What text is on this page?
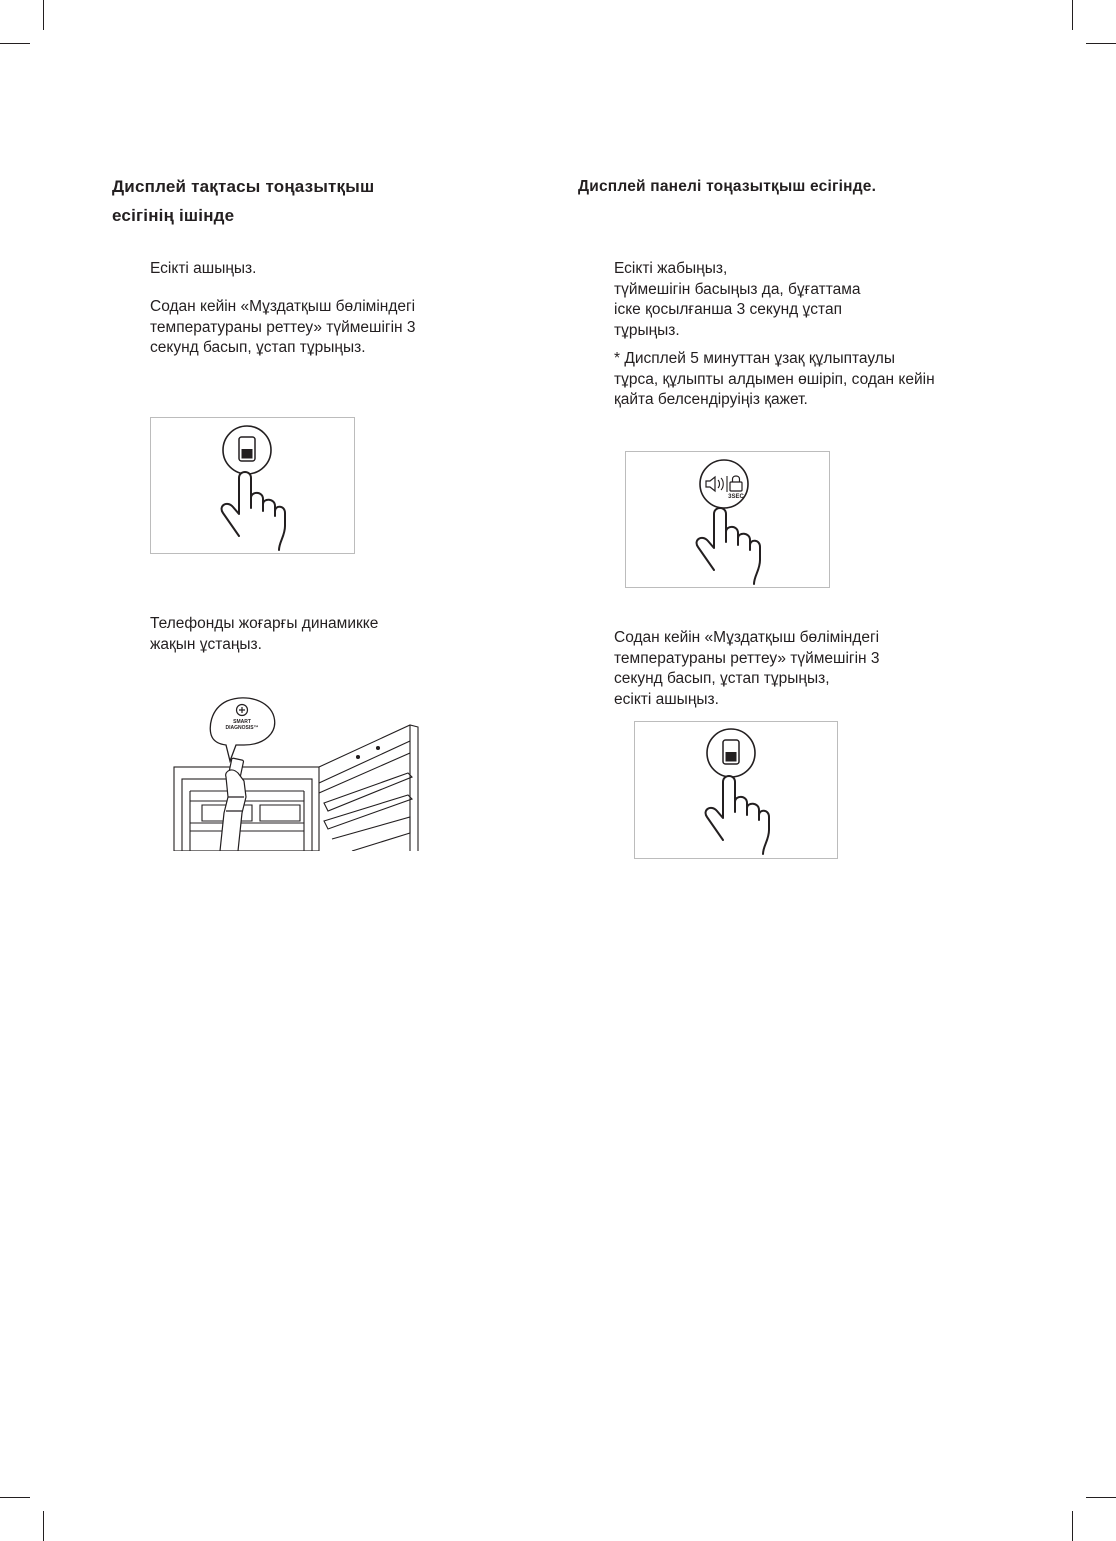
Дисплей тақтасы тоңазытқыш
есігінің ішінде

Есікті ашыңыз.

Содан кейін «Мұздатқыш бөліміндегі
температураны реттеу» түймешігін 3
секунд басып, ұстап тұрыңыз.

Телефонды жоғарғы динамикке
жақын ұстаңыз.

SMART
DIAGNOSIS™
Дисплей панелі тоңазытқыш есігінде.

Есікті жабыңыз,
түймешігін басыңыз да, бұғаттама
іске қосылғанша 3 секунд ұстап
тұрыңыз.

* Дисплей 5 минуттан ұзақ құлыптаулы
тұрса, құлыпты алдымен өшіріп, содан кейін
қайта белсендіруіңіз қажет.

3SEC

Содан кейін «Мұздатқыш бөліміндегі
температураны реттеу» түймешігін 3
секунд басып, ұстап тұрыңыз,
есікті ашыңыз.
